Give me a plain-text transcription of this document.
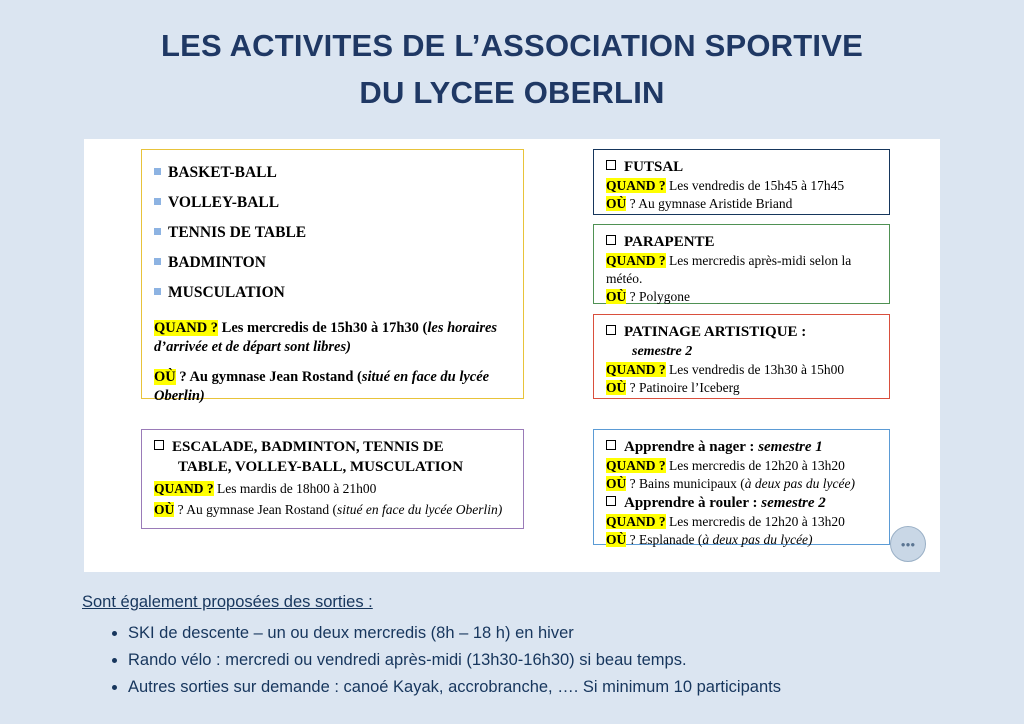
LES ACTIVITES DE L’ASSOCIATION SPORTIVE
DU LYCEE OBERLIN
BASKET-BALL
VOLLEY-BALL
TENNIS DE TABLE
BADMINTON
MUSCULATION
QUAND ? Les mercredis de 15h30 à 17h30 (les horaires d’arrivée et de départ sont libres)
OÙ ? Au gymnase Jean Rostand (situé en face du lycée Oberlin)
ESCALADE, BADMINTON, TENNIS DE
TABLE, VOLLEY-BALL, MUSCULATION
QUAND ? Les mardis de 18h00 à 21h00
OÙ ? Au gymnase Jean Rostand (situé en face du lycée Oberlin)
FUTSAL
QUAND ? Les vendredis de 15h45 à 17h45
OÙ ? Au gymnase Aristide Briand
PARAPENTE
QUAND ? Les mercredis après-midi selon la météo.
OÙ ? Polygone
PATINAGE ARTISTIQUE :
semestre 2
QUAND ? Les vendredis de 13h30 à 15h00
OÙ ? Patinoire l’Iceberg
Apprendre à nager : semestre 1
QUAND ? Les mercredis de 12h20 à 13h20
OÙ ? Bains municipaux (à deux pas du lycée)
Apprendre à rouler : semestre 2
QUAND ? Les mercredis de 12h20 à 13h20
OÙ ? Esplanade (à deux pas du lycée)	●●●
Sont également proposées des sorties :
• SKI de descente – un ou deux mercredis (8h – 18 h) en hiver
• Rando vélo : mercredi ou vendredi après-midi (13h30-16h30) si beau temps.
• Autres sorties sur demande : canoé Kayak, accrobranche, …. Si minimum 10 participants
